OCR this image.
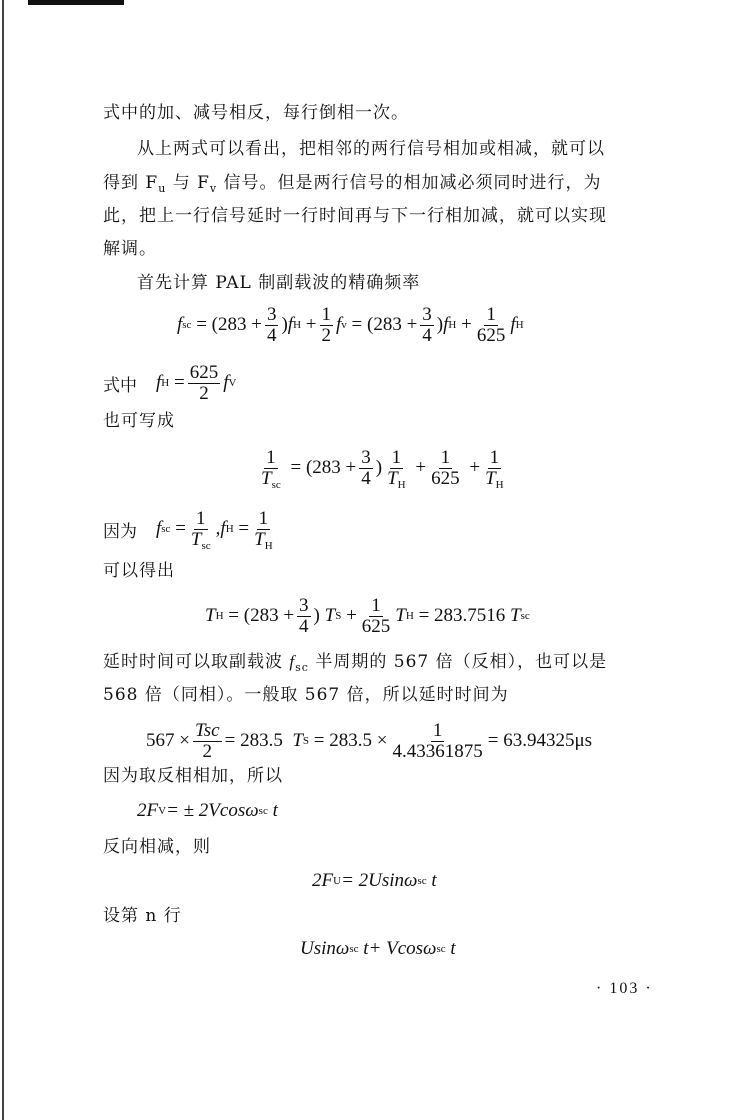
式中的加、减号相反，每行倒相一次。
从上两式可以看出，把相邻的两行信号相加或相减，就可以
得到 $F_u$ 与 $F_v$ 信号。但是两行信号的相加减必须同时进行，为
此，把上一行信号延时一行时间再与下一行相加减，就可以实现
解调。
首先计算 PAL 制副载波的精确频率
f sc = ($283 + \frac{3}{4}$ ) f $H + \frac{1}{2}$ f $v = (283 + \frac{3}{4}$ ) f $H + \frac{1}{625}$ f H
式中
f $H = \frac{625}{2}$ f V
也可写成
$\frac{1}{T_{sc}} = (283 + \frac{3}{4}$ ) $\frac{1}{T_H} + \frac{1}{625} + \frac{1}{T_H}$
因为
f sc = $\frac{1}{T_{sc}}$ , f $H = \frac{1}{T_H}$
可以得出
T $H = (283 + \frac{3}{4}$ )
T $S + \frac{1}{625}$ T H
= 283.7516
T sc
延时时间可以取副载波 $f_{sc}$ 半周期的 567 倍（反相），也可以是
568 倍（同相）。一般取 567 倍，所以延时时间为
$567 \times \frac{\text{Tsc}}{2} = 283.5$
T S
= $283.5 \times \frac{1}{4.43361875} = 63.94325\mu s$
因为取反相相加，所以
2F V = ± 2Vcosω sc t
反向相减，则
2F U = 2Usinω sc t
设第 n 行
Usinω sc t + Vcosω sc t
· 103 ·
